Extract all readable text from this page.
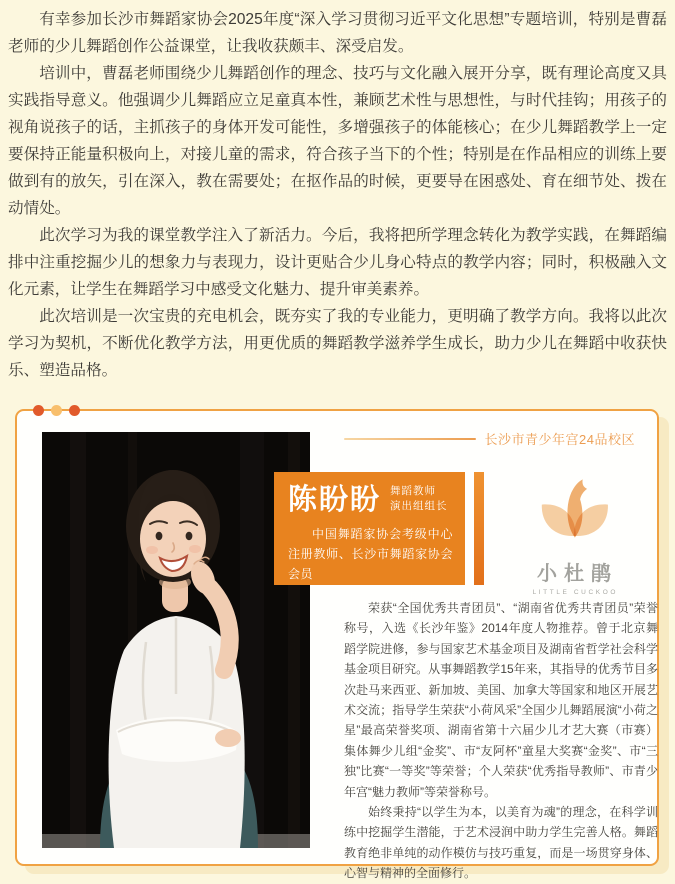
有幸参加长沙市舞蹈家协会2025年度“深入学习贯彻习近平文化思想”专题培训，特别是曹磊老师的少儿舞蹈创作公益课堂，让我收获颇丰、深受启发。

培训中，曹磊老师围绕少儿舞蹈创作的理念、技巧与文化融入展开分享，既有理论高度又具实践指导意义。他强调少儿舞蹈应立足童真本性，兼顾艺术性与思想性，与时代挂钩；用孩子的视角说孩子的话，主抓孩子的身体开发可能性，多增强孩子的体能核心；在少儿舞蹈教学上一定要保持正能量积极向上，对接儿童的需求，符合孩子当下的个性；特别是在作品相应的训练上要做到有的放矢，引在深入，教在需要处；在抠作品的时候，更要导在困惑处、育在细节处、拨在动情处。

此次学习为我的课堂教学注入了新活力。今后，我将把所学理念转化为教学实践，在舞蹈编排中注重挖掘少儿的想象力与表现力，设计更贴合少儿身心特点的教学内容；同时，积极融入文化元素，让学生在舞蹈学习中感受文化魅力、提升审美素养。

此次培训是一次宝贵的充电机会，既夯实了我的专业能力，更明确了教学方向。我将以此次学习为契机，不断优化教学方法，用更优质的舞蹈教学滋养学生成长，助力少儿在舞蹈中收获快乐、塑造品格。

长沙市青少年宫24品校区
陈盼盼 舞蹈教师
演出组组长
中国舞蹈家协会考级中心注册教师、长沙市舞蹈家协会会员	小杜鹃
LITTLE CUCKOO

荣获“全国优秀共青团员”、“湖南省优秀共青团员”荣誉称号，入选《长沙年鉴》2014年度人物推荐。曾于北京舞蹈学院进修，参与国家艺术基金项目及湖南省哲学社会科学基金项目研究。从事舞蹈教学15年来，其指导的优秀节目多次赴马来西亚、新加坡、美国、加拿大等国家和地区开展艺术交流；指导学生荣获“小荷风采”全国少儿舞蹈展演“小荷之星”最高荣誉奖项、湖南省第十六届少儿才艺大赛（市赛）集体舞少儿组“金奖”、市“友阿杯”童星大奖赛“金奖”、市“三独”比赛“一等奖”等荣誉；个人荣获“优秀指导教师”、市青少年宫“魅力教师”等荣誉称号。

始终秉持“以学生为本，以美育为魂”的理念，在科学训练中挖掘学生潜能，于艺术浸润中助力学生完善人格。舞蹈教育绝非单纯的动作模仿与技巧重复，而是一场贯穿身体、心智与精神的全面修行。
